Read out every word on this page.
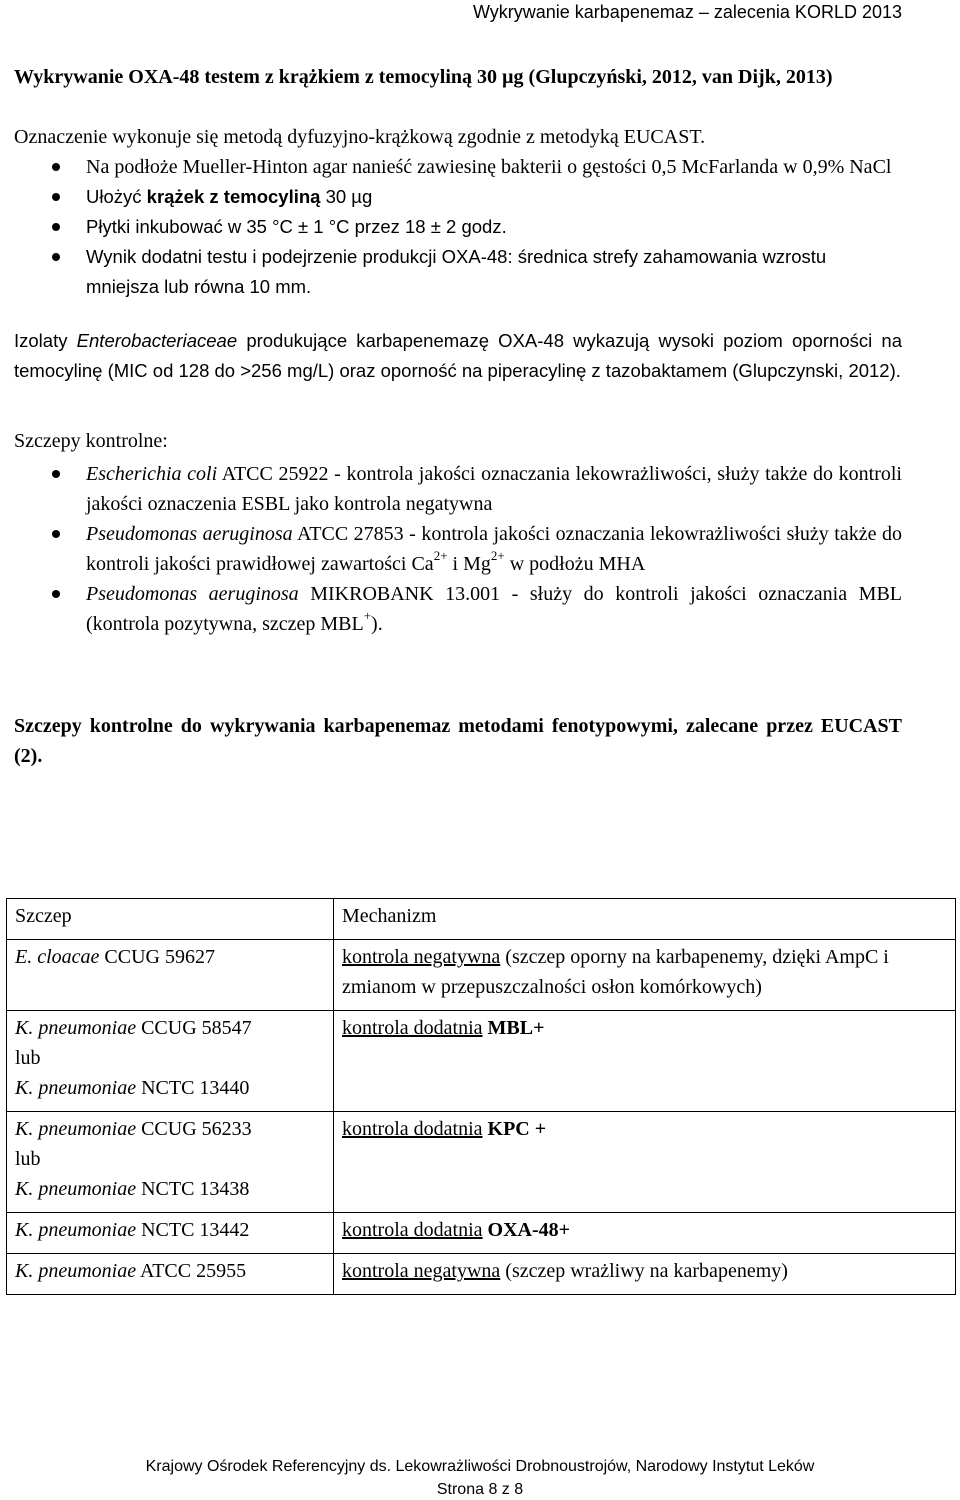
Wykrywanie karbapenemaz – zalecenia KORLD 2013

Wykrywanie OXA-48 testem z krążkiem z temocyliną 30 µg (Glupczyński, 2012, van Dijk, 2013)

Oznaczenie wykonuje się metodą dyfuzyjno-krążkową zgodnie z metodyką EUCAST.

Na podłoże Mueller-Hinton agar nanieść zawiesinę bakterii o gęstości 0,5 McFarlanda w 0,9% NaCl
Ułożyć krążek z temocyliną 30 µg
Płytki inkubować w 35 °C ± 1 °C przez 18 ± 2 godz.
Wynik dodatni testu i podejrzenie produkcji OXA-48: średnica strefy zahamowania wzrostu mniejsza lub równa 10 mm.

Izolaty Enterobacteriaceae produkujące karbapenemazę OXA-48 wykazują wysoki poziom oporności na temocylinę (MIC od 128 do >256 mg/L) oraz oporność na piperacylinę z tazobaktamem (Glupczynski, 2012).

Szczepy kontrolne:

Escherichia coli ATCC 25922 - kontrola jakości oznaczania lekowrażliwości, służy także do kontroli jakości oznaczenia ESBL jako kontrola negatywna
Pseudomonas aeruginosa ATCC 27853 - kontrola jakości oznaczania lekowrażliwości służy także do kontroli jakości prawidłowej zawartości $Ca^{2+}$ i $Mg^{2+}$ w podłożu MHA
Pseudomonas aeruginosa MIKROBANK 13.001 - służy do kontroli jakości oznaczania MBL (kontrola pozytywna, szczep MBL+).

Szczepy kontrolne do wykrywania karbapenemaz metodami fenotypowymi, zalecane przez EUCAST (2).

Szczep	Mechanizm
E. cloacae CCUG 59627	kontrola negatywna (szczep oporny na karbapenemy, dzięki AmpC i zmianom w przepuszczalności osłon komórkowych)
K. pneumoniae CCUG 58547
lub
K. pneumoniae NCTC 13440	kontrola dodatnia MBL+
K. pneumoniae CCUG 56233
lub
K. pneumoniae NCTC 13438	kontrola dodatnia KPC +
K. pneumoniae NCTC 13442	kontrola dodatnia OXA-48+
K. pneumoniae ATCC 25955	kontrola negatywna (szczep wrażliwy na karbapenemy)
Krajowy Ośrodek Referencyjny ds. Lekowrażliwości Drobnoustrojów, Narodowy Instytut Leków
Strona 8 z 8
